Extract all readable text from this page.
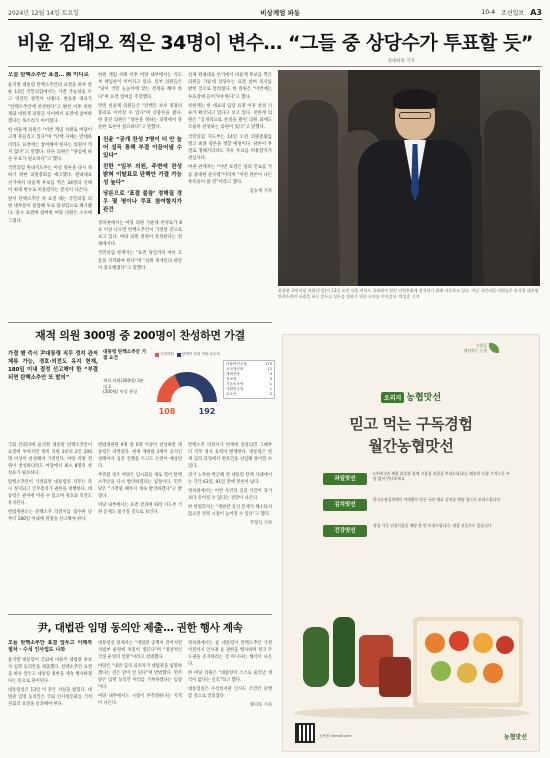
2024년 12월 14일 토요일	비상계엄 파동	10-4 조선일보 A3
비윤 김태오 찍은 34명이 변수… “그들 중 상당수가 투표할 듯”
권녜희원 기자
오늘 탄핵소추안 표결… 與 이디로

윤석열 대통령 탄핵소추안의 표결을 하루 앞둔 13일 국민의힘에서는 가결 가능성을 두고 엇갈린 관측이 나왔다. 한동훈 대표가 “탄핵소추안에 찬성한다”고 밝힌 이후 친한계와 비한계 의원들 사이에서 표결에 참여하겠다는 목소리가 이어졌다.

한 비윤계 의원은 “이번 계엄 사태로 여당이 크게 흔들리고 있다”며 “탄핵 자체는 반대하더라도 표결에는 참여해야 한다는 의원이 적지 않다”고 말했다. 다른 의원은 “양심에 따른 투표가 필요하다”고 했다.

국민의힘 원내지도부는 이날 당론을 다시 정하기 위한 의원총회를 예고했다. 원내대표 선거에서 비윤계 후보를 찍은 34명의 선택이 최대 변수로 떠올랐다는 분석이 나온다.

앞서 탄핵소추안 첫 표결 때는 국민의힘 의원 대부분이 불참해 투표 불성립으로 폐기됐다. 당시 표결에 참여한 여당 의원은 소수에 그쳤다.

한편 계엄 사태 이후 여당 내부에서는 지도부 책임론이 이어지고 있다. 일부 의원들은 “당이 국민 눈높이에 맞는 결정을 해야 한다”며 표결 참여를 주장했다.

반면 친윤계 의원들은 “탄핵은 보수 정권의 붕괴로 이어질 수 있다”며 신중론을 폈다. 한 중진 의원은 “당론을 정하는 과정에서 충분한 토론이 필요하다”고 말했다.

친윤 “공개 찬성 7명이 더 안 늘어 설득 통해 부결 이끌어낼 수 있다”
친한 “일부 의원, 주변에 찬성 밝혀 이탈표로 탄핵안 가결 가능성 높다”
당론으로 ‘표결 불참’ 정해질 경우 몇 명이나 투표 참여할지가 관건

정치권에서는 여당 의원 가운데 찬성표가 8표 이상 나오면 탄핵소추안이 가결될 것으로 보고 있다. 야당 의원 전원이 찬성한다는 전제에서다.

국민의힘 관계자는 “표결 당일까지 여론 흐름을 지켜봐야 한다”며 “의원 개개인의 판단이 중요해졌다”고 말했다.

실제 원내대표 선거에서 비윤계 후보를 찍은 의원들 가운데 상당수는 표결 참여 의사를 밝힌 것으로 알려졌다. 한 의원은 “이번에는 투표장에 들어가야 한다”고 했다.

친한계는 한 대표의 입장 표명 이후 찬성 기류가 확산되고 있다고 보고 있다. 친한계 의원은 “공개적으로 찬성을 밝힌 의원 외에도 조용히 찬성하는 의원이 있다”고 말했다.

국민의힘 지도부는 14일 오전 의원총회를 열고 최종 당론을 정할 예정이다. 당론이 부결로 정해지더라도 자유 투표를 허용할지가 관심사다.

여권 관계자는 “이번 표결은 당의 진로를 가를 중대한 분수령”이라며 “어떤 결론이 나든 후폭풍이 클 것”이라고 했다.

김승재 기자

윤상현 국민의힘 의원(중앙)이 13일 오전 서울 여의도 국회에서 열린 의원총회에 참석하기 위해 이동하고 있다. 이날 국민의힘 의원들은 윤석열 대통령 탄핵소추안 표결을 하루 앞두고 당론을 정하기 위한 논의를 이어갔다. 박상훈 기자
재적 의원 300명 중 200명이 찬성하면 가결
가결 땐 즉시 尹대통령 직무 정지 관저 체류 가능, 경호·의전도 유지 헌재, 180일 이내 결정 선고해야 한 “부결되면 탄핵소추안 또 발의”
대통령 탄핵소추안 가결 요건
재적 의원(300명) 3분의 2
(200명) 이상 찬성
국민의힘 탄핵안 찬성 야당·무소속
108	192
더불어민주당	170
조국혁신당	12
개혁신당	3
진보당	3
기본소득당	1
사회민주당	1
무소속	2

국회 본회의에 윤석열 대통령 탄핵소추안이 표결에 부쳐지면 재적 의원 3분의 2인 200명 이상이 찬성해야 가결된다. 야당 의원 전원이 찬성하더라도 여당에서 최소 8명의 찬성표가 필요하다.

탄핵소추안이 가결되면 대통령의 직무는 즉시 정지되고 국무총리가 권한을 대행한다. 대통령은 관저에 머물 수 있으며 경호와 의전도 유지된다.

헌법재판소는 탄핵소추 의결서를 접수한 날부터 180일 이내에 결정을 선고해야 한다.

헌법재판관 9명 중 6명 이상이 찬성하면 대통령은 파면된다. 현재 재판관 3명이 공석인 상태여서 심리 진행을 두고도 논란이 예상된다.

부결될 경우 야당은 임시회를 새로 열어 탄핵소추안을 다시 발의하겠다는 입장이다. 민주당은 “가결될 때까지 계속 발의하겠다”고 밝혔다.

여당 내부에서는 표결 결과에 따라 지도부 거취 문제도 불거질 것으로 보인다.

탄핵소추 의결서가 헌재에 송달되면 그때부터 직무 정지 효력이 발생한다. 대통령은 헌재 심리 과정에서 변호인을 선임해 방어할 수 있다.

과거 노무현·박근혜 전 대통령 탄핵 사례에서는 각각 63일, 91일 만에 결론이 났다.

정치권에서는 이번 사건의 심리 기간이 과거보다 길어질 수 있다는 전망이 나온다.

한 헌법학자는 “재판관 공석 문제가 해소되지 않으면 결정 시점이 늦어질 수 있다”고 했다.

주형식 기자

尹, 대법관 임명 동의안 제출… 권한 행사 계속
오늘 탄핵소추안 표결 앞두고 이례적 절차 · 수석 인사업도 나와

윤석열 대통령이 국회에 마용주 대법관 후보자 임명 동의안을 제출했다. 탄핵소추안 표결을 하루 앞두고 대통령 권한을 계속 행사하겠다는 뜻으로 풀이된다.

대통령실은 13일 이 같은 사실을 밝혔다. 대법관 임명 동의안은 국회 인사청문회를 거쳐 본회의 표결을 통과해야 한다.

대통령실 관계자는 “대법관 공백이 길어지면 사법부 운영에 차질이 생긴다”며 “정상적인 국정 운영의 일환”이라고 설명했다.

야당은 “내란 혐의 피의자가 대법관을 임명하겠다는 것은 말이 안 된다”며 반발했다. 민주당은 임명 동의안 처리를 거부하겠다는 입장이다.

여당 내부에서도 시점이 부적절하다는 지적이 나온다.

정치권에서는 윤 대통령이 탄핵소추안 가결 이전까지 인사권 등 권한을 행사하며 정국 주도권을 유지하려는 것 아니냐는 해석이 나온다.

한 여당 의원은 “대통령이 스스로 물러날 생각이 없다는 신호”라고 했다.

대통령실은 수석비서관 인사도 조만간 단행할 것으로 알려졌다.

양지호 기자

사랑을
배달하는 농협
오리지 농협맛선
믿고 먹는 구독경험
월간농협맛선
과일맛선
2주에 1번 제철 과일과 함께 고품질 과일을 보내드립니다. 배송비 포함 가격으로 부담 없이 만나보세요
김치맛선
한국농협김치에서 직매출로 만든 국산 재료 김치를 매달 집으로 보내드립니다
건강맛선
정성 가득 건강식품을 매달 한 번 보내드립니다. 명절 선물로도 좋습니다
농협몰 nhmall.com	농협맛선
